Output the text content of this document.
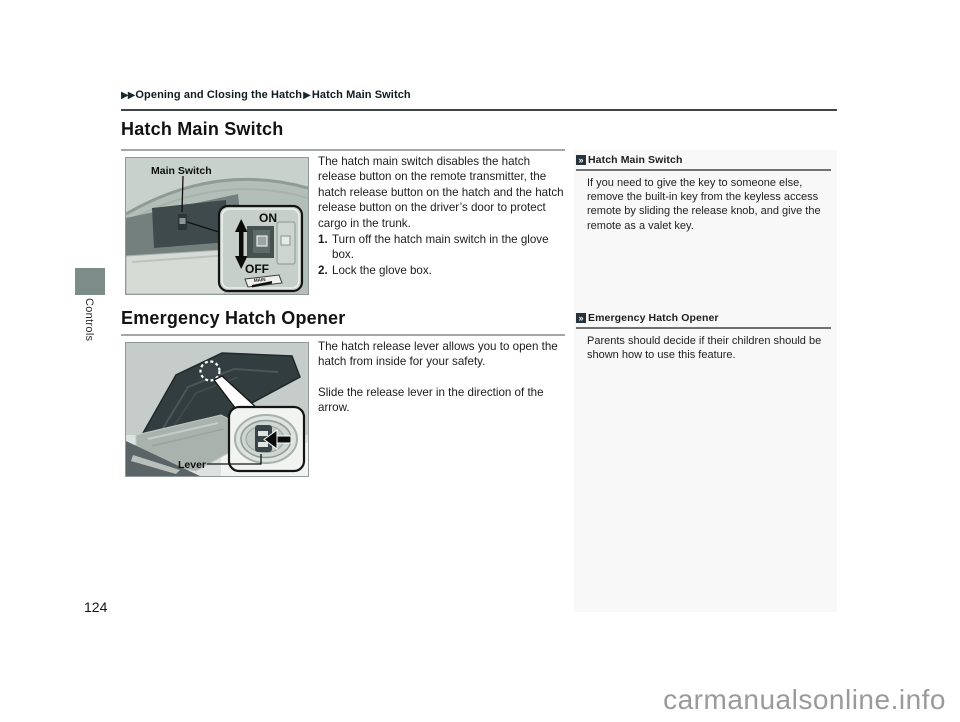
▶▶Opening and Closing the Hatch▶Hatch Main Switch
Hatch Main Switch
Main Switch
ON
OFF
MAIN
The hatch main switch disables the hatch release button on the remote transmitter, the hatch release button on the hatch and the hatch release button on the driver’s door to protect cargo in the trunk.
1. Turn off the hatch main switch in the glove box.
2. Lock the glove box.
Emergency Hatch Opener
Lever
The hatch release lever allows you to open the hatch from inside for your safety.
Slide the release lever in the direction of the arrow.
» Hatch Main Switch
If you need to give the key to someone else, remove the built-in key from the keyless access remote by sliding the release knob, and give the remote as a valet key.
» Emergency Hatch Opener
Parents should decide if their children should be shown how to use this feature.
Controls
124
carmanualsonline.info
